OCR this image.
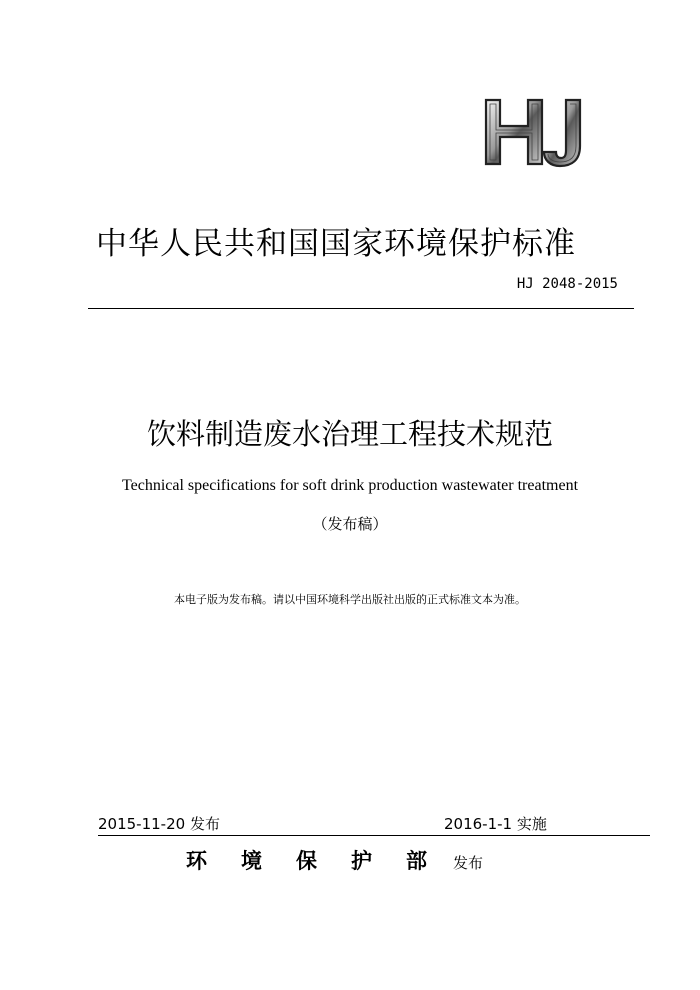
中华人民共和国国家环境保护标准
HJ 2048-2015
饮料制造废水治理工程技术规范
Technical specifications for soft drink production wastewater treatment
（发布稿）
本电子版为发布稿。请以中国环境科学出版社出版的正式标准文本为准。
2015-11-20 发布	2016-1-1 实施
环境保护部
发布
